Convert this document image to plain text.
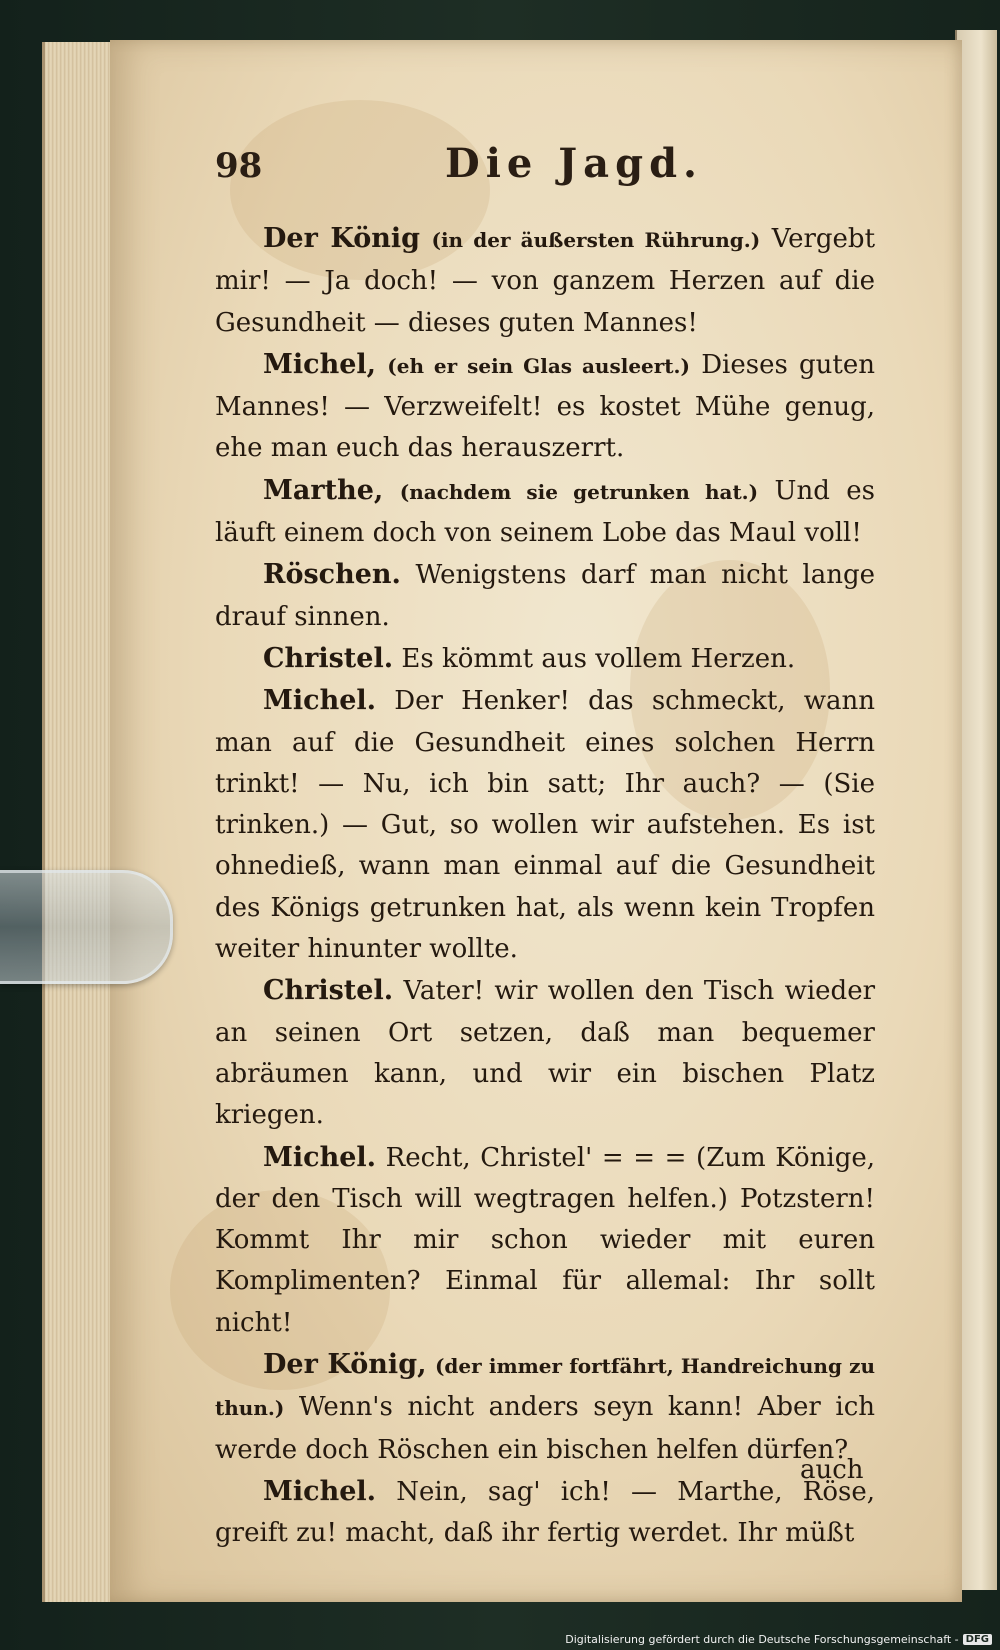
98	Die Jagd.

Der König (in der äußersten Rührung.) Vergebt mir! — Ja doch! — von ganzem Herzen auf die Gesundheit — dieses guten Mannes!

Michel, (eh er sein Glas ausleert.) Dieses guten Mannes! — Verzweifelt! es kostet Mühe genug, ehe man euch das herauszerrt.

Marthe, (nachdem sie getrunken hat.) Und es läuft einem doch von seinem Lobe das Maul voll!

Röschen. Wenigstens darf man nicht lange drauf sinnen.

Christel. Es kömmt aus vollem Herzen.

Michel. Der Henker! das schmeckt, wann man auf die Gesundheit eines solchen Herrn trinkt! — Nu, ich bin satt; Ihr auch? — (Sie trinken.) — Gut, so wollen wir aufstehen. Es ist ohnedieß, wann man einmal auf die Gesundheit des Königs getrunken hat, als wenn kein Tropfen weiter hinunter wollte.

Christel. Vater! wir wollen den Tisch wieder an seinen Ort setzen, daß man bequemer abräumen kann, und wir ein bischen Platz kriegen.

Michel. Recht, Christel' = = = (Zum Könige, der den Tisch will wegtragen helfen.) Potzstern! Kommt Ihr mir schon wieder mit euren Komplimenten? Einmal für allemal: Ihr sollt nicht!

Der König, (der immer fortfährt, Handreichung zu thun.) Wenn's nicht anders seyn kann! Aber ich werde doch Röschen ein bischen helfen dürfen?

Michel. Nein, sag' ich! — Marthe, Röse, greift zu! macht, daß ihr fertig werdet. Ihr müßt

auch
Digitalisierung gefördert durch die Deutsche Forschungsgemeinschaft - DFG
